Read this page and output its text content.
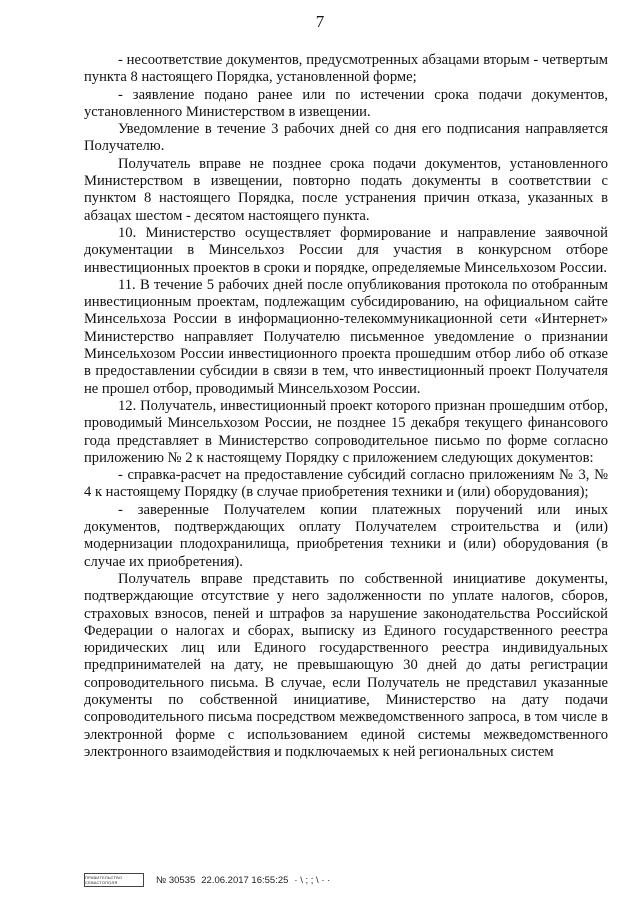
7

- несоответствие документов, предусмотренных абзацами вторым - четвертым пункта 8 настоящего Порядка, установленной форме;

- заявление подано ранее или по истечении срока подачи документов, установленного Министерством в извещении.

Уведомление в течение 3 рабочих дней со дня его подписания направляется Получателю.

Получатель вправе не позднее срока подачи документов, установленного Министерством в извещении, повторно подать документы в соответствии с пунктом 8 настоящего Порядка, после устранения причин отказа, указанных в абзацах шестом - десятом настоящего пункта.

10. Министерство осуществляет формирование и направление заявочной документации в Минсельхоз России для участия в конкурсном отборе инвестиционных проектов в сроки и порядке, определяемые Минсельхозом России.

11. В течение 5 рабочих дней после опубликования протокола по отобранным инвестиционным проектам, подлежащим субсидированию, на официальном сайте Минсельхоза России в информационно-телекоммуникационной сети «Интернет» Министерство направляет Получателю письменное уведомление о признании Минсельхозом России инвестиционного проекта прошедшим отбор либо об отказе в предоставлении субсидии в связи в тем, что инвестиционный проект Получателя не прошел отбор, проводимый Минсельхозом России.

12. Получатель, инвестиционный проект которого признан прошедшим отбор, проводимый Минсельхозом России, не позднее 15 декабря текущего финансового года представляет в Министерство сопроводительное письмо по форме согласно приложению № 2 к настоящему Порядку с приложением следующих документов:

- справка-расчет на предоставление субсидий согласно приложениям № 3, № 4 к настоящему Порядку (в случае приобретения техники и (или) оборудования);

- заверенные Получателем копии платежных поручений или иных документов, подтверждающих оплату Получателем строительства и (или) модернизации плодохранилища, приобретения техники и (или) оборудования (в случае их приобретения).

Получатель вправе представить по собственной инициативе документы, подтверждающие отсутствие у него задолженности по уплате налогов, сборов, страховых взносов, пеней и штрафов за нарушение законодательства Российской Федерации о налогах и сборах, выписку из Единого государственного реестра юридических лиц или Единого государственного реестра индивидуальных предпринимателей на дату, не превышающую 30 дней до даты регистрации сопроводительного письма. В случае, если Получатель не представил указанные документы по собственной инициативе, Министерство на дату подачи сопроводительного письма посредством межведомственного запроса, в том числе в электронной форме с использованием единой системы межведомственного электронного взаимодействия и подключаемых к ней региональных систем

ПРАВИТЕЛЬСТВО СЕВАСТОПОЛЯ	№ 30535 22.06.2017 16:55:25 · \ ; ; \ · ·
